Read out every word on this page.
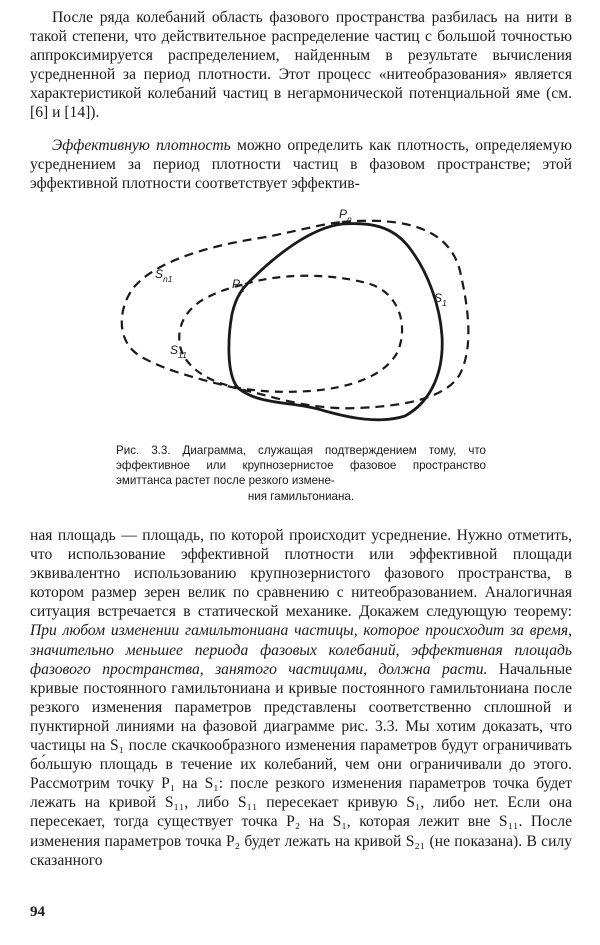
После ряда колебаний область фазового пространства разбилась на нити в такой степени, что действительное распределение частиц с большой точностью аппроксимируется распределением, найденным в результате вычисления усредненной за период плотности. Этот процесс «нитеобразования» является характеристикой колебаний частиц в негармонической потенциальной яме (см. [6] и [14]).
Эффективную плотность можно определить как плотность, определяемую усреднением за период плотности частиц в фазовом пространстве; этой эффективной плотности соответствует эффектив-
$P_n$
$S_{n1}$	$P_1$
$S_1$
$S_{11}$
Рис. 3.3. Диаграмма, служащая подтверждением тому, что эффективное или крупнозернистое фазовое пространство эмиттанса растет после резкого измене-
ния гамильтониана.
ная площадь — площадь, по которой происходит усреднение. Нужно отметить, что использование эффективной плотности или эффективной площади эквивалентно использованию крупнозернистого фазового пространства, в котором размер зерен велик по сравнению с нитеобразованием. Аналогичная ситуация встречается в статической механике. Докажем следующую теорему: При любом изменении гамильтониана частицы, которое происходит за время, значительно меньшее периода фазовых колебаний, эффективная площадь фазового пространства, занятого частицами, должна расти. Начальные кривые постоянного гамильтониана и кривые постоянного гамильтониана после резкого изменения параметров представлены соответственно сплошной и пунктирной линиями на фазовой диаграмме рис. 3.3. Мы хотим доказать, что частицы на S₁ после скачкообразного изменения параметров будут ограничивать бо́льшую площадь в течение их колебаний, чем они ограничивали до этого. Рассмотрим точку P₁ на S₁: после резкого изменения параметров точка будет лежать на кривой S₁₁, либо S₁₁ пересекает кривую S₁, либо нет. Если она пересекает, тогда существует точка P₂ на S₁, которая лежит вне S₁₁. После изменения параметров точка P₂ будет лежать на кривой S₂₁ (не показана). В силу сказанного
94
